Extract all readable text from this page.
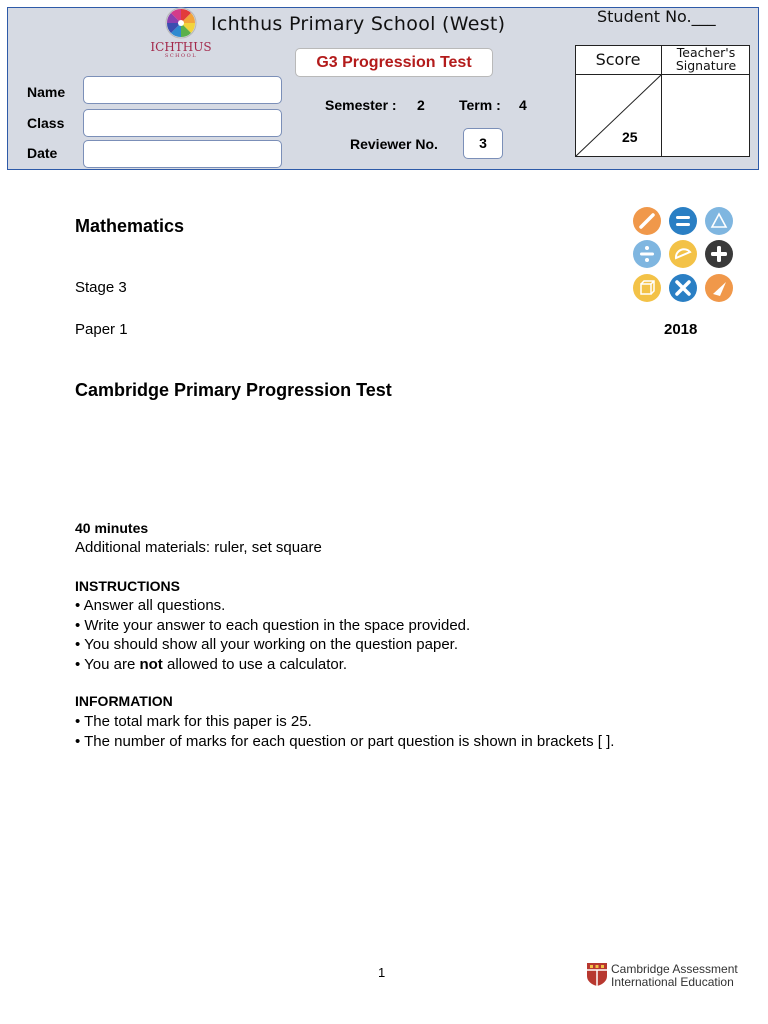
ICHTHUS
SCHOOL
Ichthus Primary School (West)	Student No.___
G3 Progression Test
Name
Class
Date
Semester : 2 Term : 4
Reviewer No.	3
Score	Teacher's
Signature
25
Mathematics
Stage 3
Paper 1	2018
Cambridge Primary Progression Test
40 minutes
Additional materials: ruler, set square
INSTRUCTIONS
• Answer all questions.
• Write your answer to each question in the space provided.
• You should show all your working on the question paper.
• You are not allowed to use a calculator.
INFORMATION
• The total mark for this paper is 25.
• The number of marks for each question or part question is shown in brackets [ ].
1	Cambridge Assessment
International Education
